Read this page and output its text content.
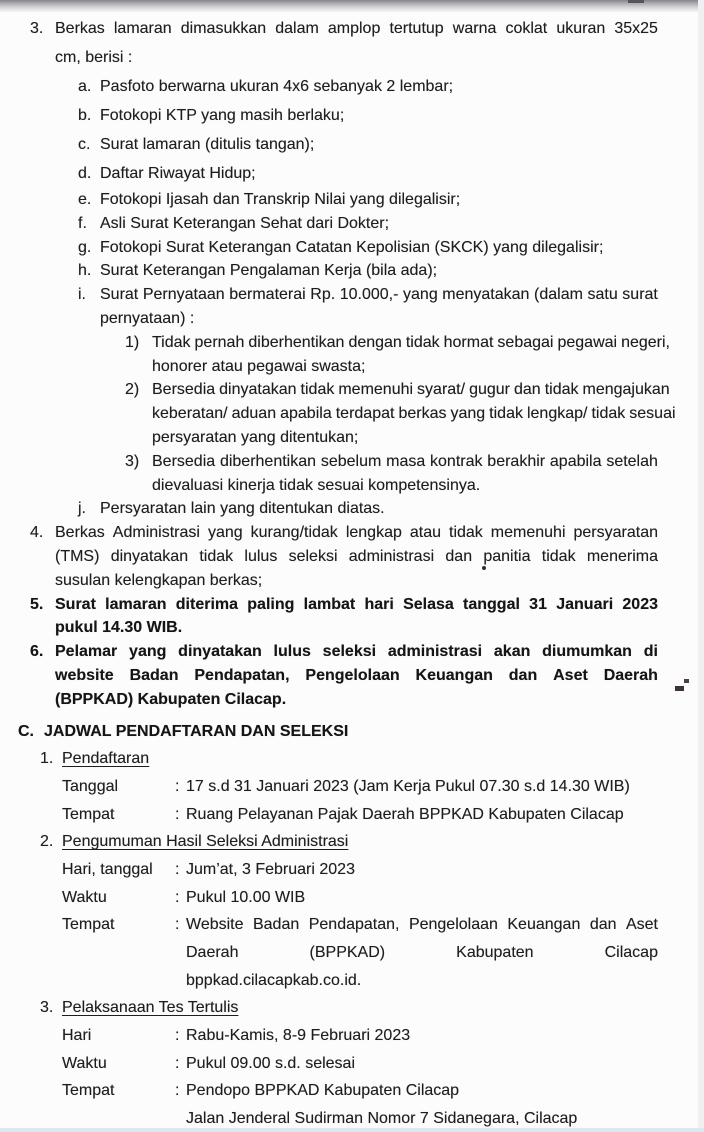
3. Berkas lamaran dimasukkan dalam amplop tertutup warna coklat ukuran 35x25
cm, berisi :
a. Pasfoto berwarna ukuran 4x6 sebanyak 2 lembar;
b. Fotokopi KTP yang masih berlaku;
c. Surat lamaran (ditulis tangan);
d. Daftar Riwayat Hidup;
e. Fotokopi Ijasah dan Transkrip Nilai yang dilegalisir;
f. Asli Surat Keterangan Sehat dari Dokter;
g. Fotokopi Surat Keterangan Catatan Kepolisian (SKCK) yang dilegalisir;
h. Surat Keterangan Pengalaman Kerja (bila ada);
i. Surat Pernyataan bermaterai Rp. 10.000,- yang menyatakan (dalam satu surat
pernyataan) :
1) Tidak pernah diberhentikan dengan tidak hormat sebagai pegawai negeri,
honorer atau pegawai swasta;
2) Bersedia dinyatakan tidak memenuhi syarat/ gugur dan tidak mengajukan
keberatan/ aduan apabila terdapat berkas yang tidak lengkap/ tidak sesuai
persyaratan yang ditentukan;
3) Bersedia diberhentikan sebelum masa kontrak berakhir apabila setelah
dievaluasi kinerja tidak sesuai kompetensinya.
j. Persyaratan lain yang ditentukan diatas.
4. Berkas Administrasi yang kurang/tidak lengkap atau tidak memenuhi persyaratan
(TMS) dinyatakan tidak lulus seleksi administrasi dan panitia tidak menerima
susulan kelengkapan berkas;
5. Surat lamaran diterima paling lambat hari Selasa tanggal 31 Januari 2023
pukul 14.30 WIB.
6. Pelamar yang dinyatakan lulus seleksi administrasi akan diumumkan di
website Badan Pendapatan, Pengelolaan Keuangan dan Aset Daerah
(BPPKAD) Kabupaten Cilacap.
C. JADWAL PENDAFTARAN DAN SELEKSI
1. Pendaftaran
Tanggal	: 17 s.d 31 Januari 2023 (Jam Kerja Pukul 07.30 s.d 14.30 WIB)
Tempat	: Ruang Pelayanan Pajak Daerah BPPKAD Kabupaten Cilacap
2. Pengumuman Hasil Seleksi Administrasi
Hari, tanggal	: Jum’at, 3 Februari 2023
Waktu	: Pukul 10.00 WIB
Tempat	: Website Badan Pendapatan, Pengelolaan Keuangan dan Aset
Daerah	(BPPKAD)	Kabupaten	Cilacap
bppkad.cilacapkab.co.id.
3. Pelaksanaan Tes Tertulis
Hari	: Rabu-Kamis, 8-9 Februari 2023
Waktu	: Pukul 09.00 s.d. selesai
Tempat	: Pendopo BPPKAD Kabupaten Cilacap
Jalan Jenderal Sudirman Nomor 7 Sidanegara, Cilacap
